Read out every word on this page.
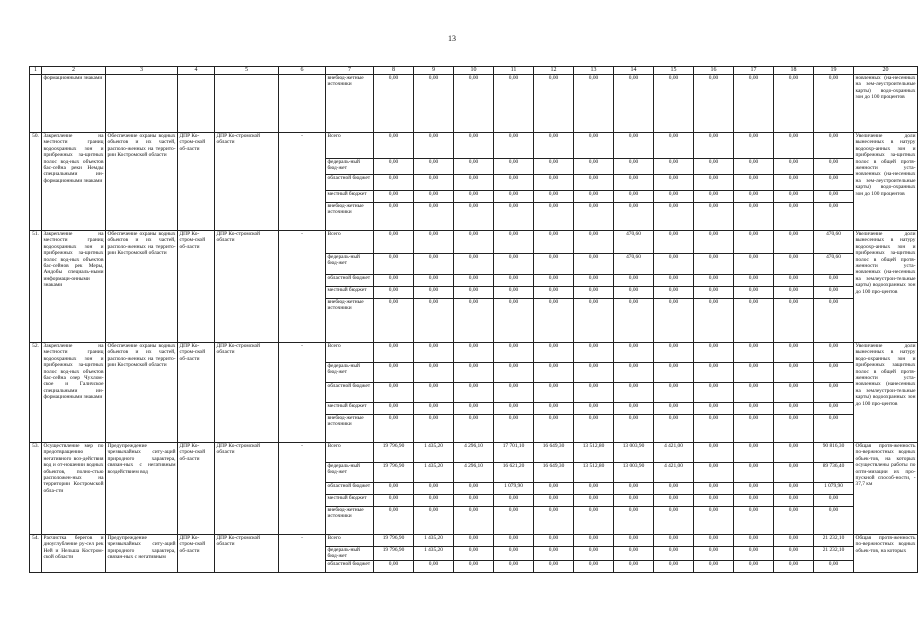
13
1	2	3	4	5	6	7	8	9	10	11	12	13	14	15	16	17	18	19	20
	формационными знаками					внебюд-жетные источники	0,00	0,00	0,00	0,00	0,00	0,00	0,00	0,00	0,00	0,00	0,00	0,00	новленных (на-несенных на зем-леустроительные карты) водо-охранных зон до 100 процентов
50.	Закрепление на местности границ водоохранных зон и прибрежных за-щитных полос вод-ных объектов бас-сейна реки Немды специальными ин-формационными знаками	Обеспечение охраны водных объектов и их частей, располо-женных на террито-рии Костромской области	ДПР Ко-стром-ской об-ласти	ДПР Ко-стромской области	-	Всего	0,00	0,00	0,00	0,00	0,00	0,00	0,00	0,00	0,00	0,00	0,00	0,00	Увеличение доли вынесенных в натуру водоохр-анных зон и прибрежных за-щитных полос в общей протя-женности уста-новленных (на-несенных на зем-леустроительные карты) водо-охранных зон до 100 процентов
						федераль-ный бюд-жет	0,00	0,00	0,00	0,00	0,00	0,00	0,00	0,00	0,00	0,00	0,00	0,00	
						областной бюджет	0,00	0,00	0,00	0,00	0,00	0,00	0,00	0,00	0,00	0,00	0,00	0,00	
						местный бюджет	0,00	0,00	0,00	0,00	0,00	0,00	0,00	0,00	0,00	0,00	0,00	0,00	
						внебюд-жетные источники	0,00	0,00	0,00	0,00	0,00	0,00	0,00	0,00	0,00	0,00	0,00	0,00	
51.	Закрепление на местности границ водоохранных зон и прибрежных за-щитных полос вод-ных объектов бас-сейнов рек Меры, Андобы специаль-ными информаци-онными знаками	Обеспечение охраны водных объектов и их частей, располо-женных на террито-рии Костромской области	ДПР Ко-стром-ской об-ласти	ДПР Ко-стромской области	-	Всего	0,00	0,00	0,00	0,00	0,00	0,00	470,60	0,00	0,00	0,00	0,00	470,60	Увеличение доли вынесенных в натуру водоохр-анных зон и прибрежных за-щитных полос в общей протя-женности уста-новленных (на-несенных на землеустрои-тельные карты) водоохранных зон до 100 про-центов
						федераль-ный бюд-жет	0,00	0,00	0,00	0,00	0,00	0,00	470,60	0,00	0,00	0,00	0,00	470,60	
						областной бюджет	0,00	0,00	0,00	0,00	0,00	0,00	0,00	0,00	0,00	0,00	0,00	0,00	
						местный бюджет	0,00	0,00	0,00	0,00	0,00	0,00	0,00	0,00	0,00	0,00	0,00	0,00	
						внебюд-жетные источники	0,00	0,00	0,00	0,00	0,00	0,00	0,00	0,00	0,00	0,00	0,00	0,00	
52.	Закрепление на местности границ водоохранных зон и прибрежных за-щитных полос вод-ных объектов бас-сейна озер Чухлом-ское и Галичское специальными ин-формационными знаками	Обеспечение охраны водных объектов и их частей, располо-женных на террито-рии Костромской области	ДПР Ко-стром-ской об-ласти	ДПР Ко-стромской области	-	Всего	0,00	0,00	0,00	0,00	0,00	0,00	0,00	0,00	0,00	0,00	0,00	0,00	Увеличение доли вынесенных в натуру водо-охранных зон и прибрежных защитных полос в общей протя-женности уста-новленных (нанесенных на землеустрои-тельные карты) водоохранных зон до 100 про-центов
						федераль-ный бюд-жет	0,00	0,00	0,00	0,00	0,00	0,00	0,00	0,00	0,00	0,00	0,00	0,00	
						областной бюджет	0,00	0,00	0,00	0,00	0,00	0,00	0,00	0,00	0,00	0,00	0,00	0,00	
						местный бюджет	0,00	0,00	0,00	0,00	0,00	0,00	0,00	0,00	0,00	0,00	0,00	0,00	
						внебюд-жетные источники	0,00	0,00	0,00	0,00	0,00	0,00	0,00	0,00	0,00	0,00	0,00	0,00	
53.	Осуществление мер по предотвращению негативного воз-действия вод и от-ношении водных объектов, полно-стью расположен-ных на территории Костромской обла-сти	Предупреждение чрезвычайных ситу-аций природного характера, связан-ных с негативным воздействием вод	ДПР Ко-стром-ской об-ласти	ДПР Ко-стромской области	-	Всего	19 796,90	1 435,20	4 296,10	17 701,10	16 649,30	13 512,80	13 003,90	4 421,00	0,00	0,00	0,00	90 816,30	Общая протя-женность по-вержностных водных объек-тов, на которых осуществлены работы по опти-мизации их про-пускной способ-ности, - 37,7 км
						федераль-ный бюд-жет	19 796,90	1 435,20	4 296,10	16 621,20	16 649,30	13 512,80	13 003,90	4 421,00	0,00	0,00	0,00	89 736,40	
						областной бюджет	0,00	0,00	0,00	1 079,90	0,00	0,00	0,00	0,00	0,00	0,00	0,00	1 079,90	
						местный бюджет	0,00	0,00	0,00	0,00	0,00	0,00	0,00	0,00	0,00	0,00	0,00	0,00	
						внебюд-жетные источники	0,00	0,00	0,00	0,00	0,00	0,00	0,00	0,00	0,00	0,00	0,00	0,00	
54.	Расчистка берегов и дноуглубление ру-сел рек Ней и Нельша Костром-ской области	Предупреждение чрезвычайных ситу-аций природного характера, связан-ных с негативным	ДПР Ко-стром-ской об-ласти	ДПР Ко-стромской области	-	Всего	19 796,90	1 435,20	0,00	0,00	0,00	0,00	0,00	0,00	0,00	0,00	0,00	21 232,10	Общая протя-женность по-вержностных водных объек-тов, на которых
						федераль-ный бюд-жет	19 796,90	1 435,20	0,00	0,00	0,00	0,00	0,00	0,00	0,00	0,00	0,00	21 232,10	
						областной бюджет	0,00	0,00	0,00	0,00	0,00	0,00	0,00	0,00	0,00	0,00	0,00	0,00	
